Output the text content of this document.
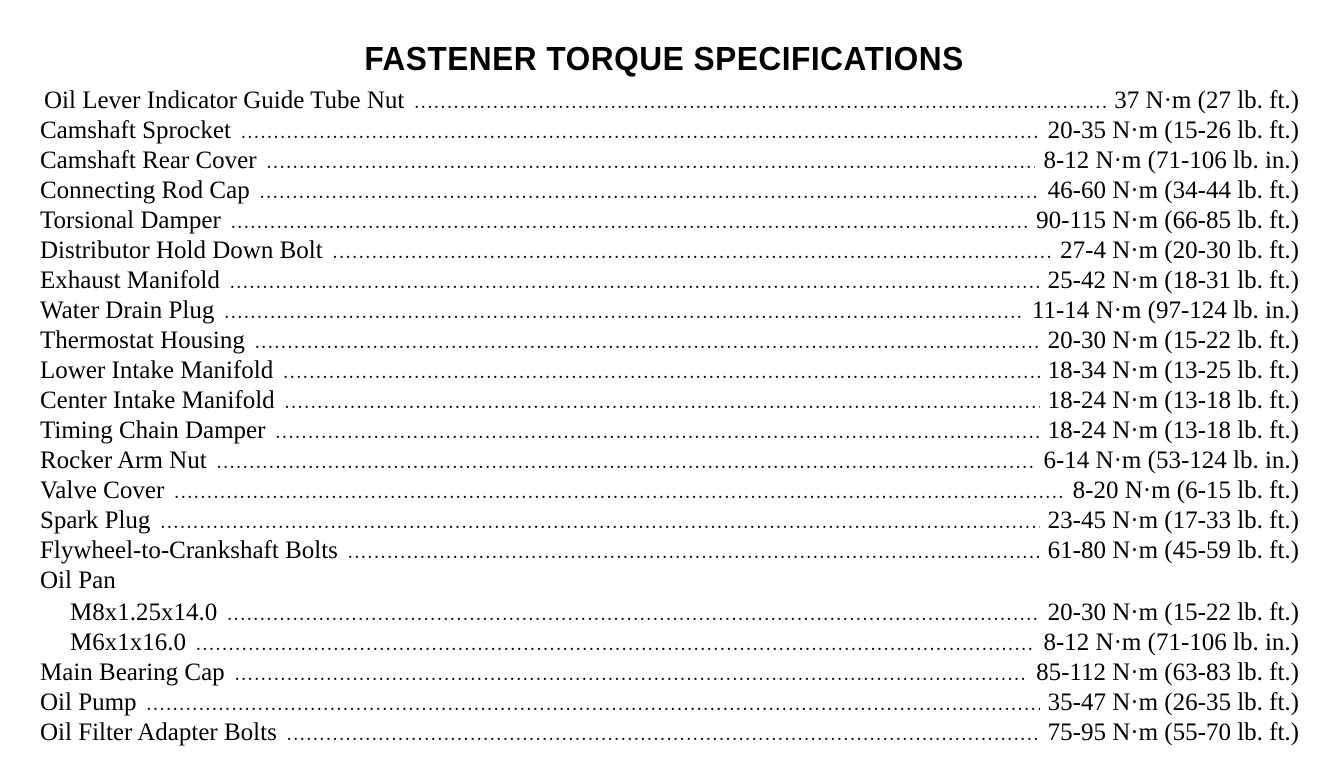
FASTENER TORQUE SPECIFICATIONS
Oil Lever Indicator Guide Tube Nut .....	37 N·m (27 lb. ft.)
Camshaft Sprocket .....	20-35 N·m (15-26 lb. ft.)
Camshaft Rear Cover .....	8-12 N·m (71-106 lb. in.)
Connecting Rod Cap .....	46-60 N·m (34-44 lb. ft.)
Torsional Damper .....	90-115 N·m (66-85 lb. ft.)
Distributor Hold Down Bolt .....	27-4 N·m (20-30 lb. ft.)
Exhaust Manifold .....	25-42 N·m (18-31 lb. ft.)
Water Drain Plug .....	11-14 N·m (97-124 lb. in.)
Thermostat Housing .....	20-30 N·m (15-22 lb. ft.)
Lower Intake Manifold .....	18-34 N·m (13-25 lb. ft.)
Center Intake Manifold .....	18-24 N·m (13-18 lb. ft.)
Timing Chain Damper .....	18-24 N·m (13-18 lb. ft.)
Rocker Arm Nut .....	6-14 N·m (53-124 lb. in.)
Valve Cover .....	8-20 N·m (6-15 lb. ft.)
Spark Plug .....	23-45 N·m (17-33 lb. ft.)
Flywheel-to-Crankshaft Bolts .....	61-80 N·m (45-59 lb. ft.)
Oil Pan
M8x1.25x14.0 .....	20-30 N·m (15-22 lb. ft.)
M6x1x16.0 .....	8-12 N·m (71-106 lb. in.)
Main Bearing Cap .....	85-112 N·m (63-83 lb. ft.)
Oil Pump .....	35-47 N·m (26-35 lb. ft.)
Oil Filter Adapter Bolts .....	75-95 N·m (55-70 lb. ft.)
